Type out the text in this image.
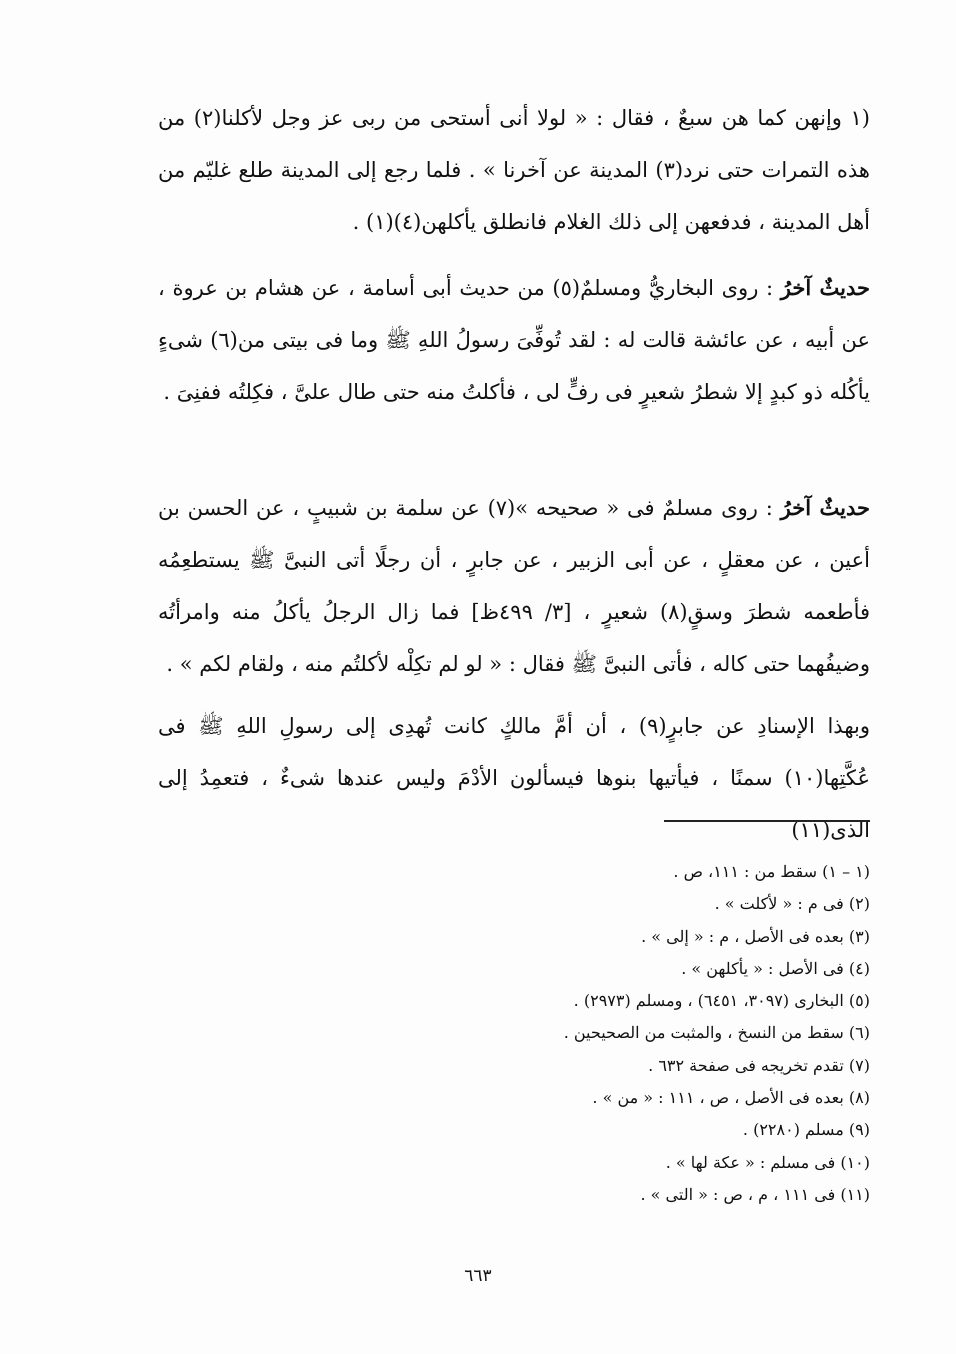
(١ وإنهن كما هن سبعٌ ، فقال : « لولا أنى أستحى من ربى عز وجل لأكلنا(٢) من هذه التمرات حتى نرد(٣) المدينة عن آخرنا » . فلما رجع إلى المدينة طلع غليّم من أهل المدينة ، فدفعهن إلى ذلك الغلام فانطلق يأكلهن(٤)(١) .

حديثٌ آخرُ : روى البخاريُّ ومسلمٌ(٥) من حديث أبى أسامة ، عن هشام بن عروة ، عن أبيه ، عن عائشة قالت له : لقد تُوفِّىَ رسولُ اللهِ ﷺ وما فى بيتى من(٦) شىءٍ يأكُله ذو كبدٍ إلا شطرُ شعيرٍ فى رفٍّ لى ، فأكلتُ منه حتى طال علىَّ ، فكِلتُه ففنِىَ .

حديثٌ آخرُ : روى مسلمٌ فى « صحيحه »(٧) عن سلمة بن شبيبٍ ، عن الحسن بن أعين ، عن معقلٍ ، عن أبى الزبير ، عن جابرٍ ، أن رجلًا أتى النبىَّ ﷺ يستطعِمُه فأطعمه شطرَ وسقٍ(٨) شعيرٍ ، [٣/ ٤٩٩ظ] فما زال الرجلُ يأكلُ منه وامرأتُه وضيفُهما حتى كاله ، فأتى النبىَّ ﷺ فقال : « لو لم تكِلْه لأكلتُم منه ، ولقام لكم » .

وبهذا الإسنادِ عن جابرٍ(٩) ، أن أمَّ مالكٍ كانت تُهدِى إلى رسولِ اللهِ ﷺ فى عُكَّتِها(١٠) سمنًا ، فيأتيها بنوها فيسألون الأدْمَ وليس عندها شىءٌ ، فتعمِدُ إلى الذى(١١)

(١ – ١) سقط من : ١١١، ص .
(٢) فى م : « لأكلت » .
(٣) بعده فى الأصل ، م : « إلى » .
(٤) فى الأصل : « يأكلهن » .
(٥) البخارى (٣٠٩٧، ٦٤٥١) ، ومسلم (٢٩٧٣) .
(٦) سقط من النسخ ، والمثبت من الصحيحين .
(٧) تقدم تخريجه فى صفحة ٦٣٢ .
(٨) بعده فى الأصل ، ص ، ١١١ : « من » .
(٩) مسلم (٢٢٨٠) .
(١٠) فى مسلم : « عكة لها » .
(١١) فى ١١١ ، م ، ص : « التى » .
٦٦٣
